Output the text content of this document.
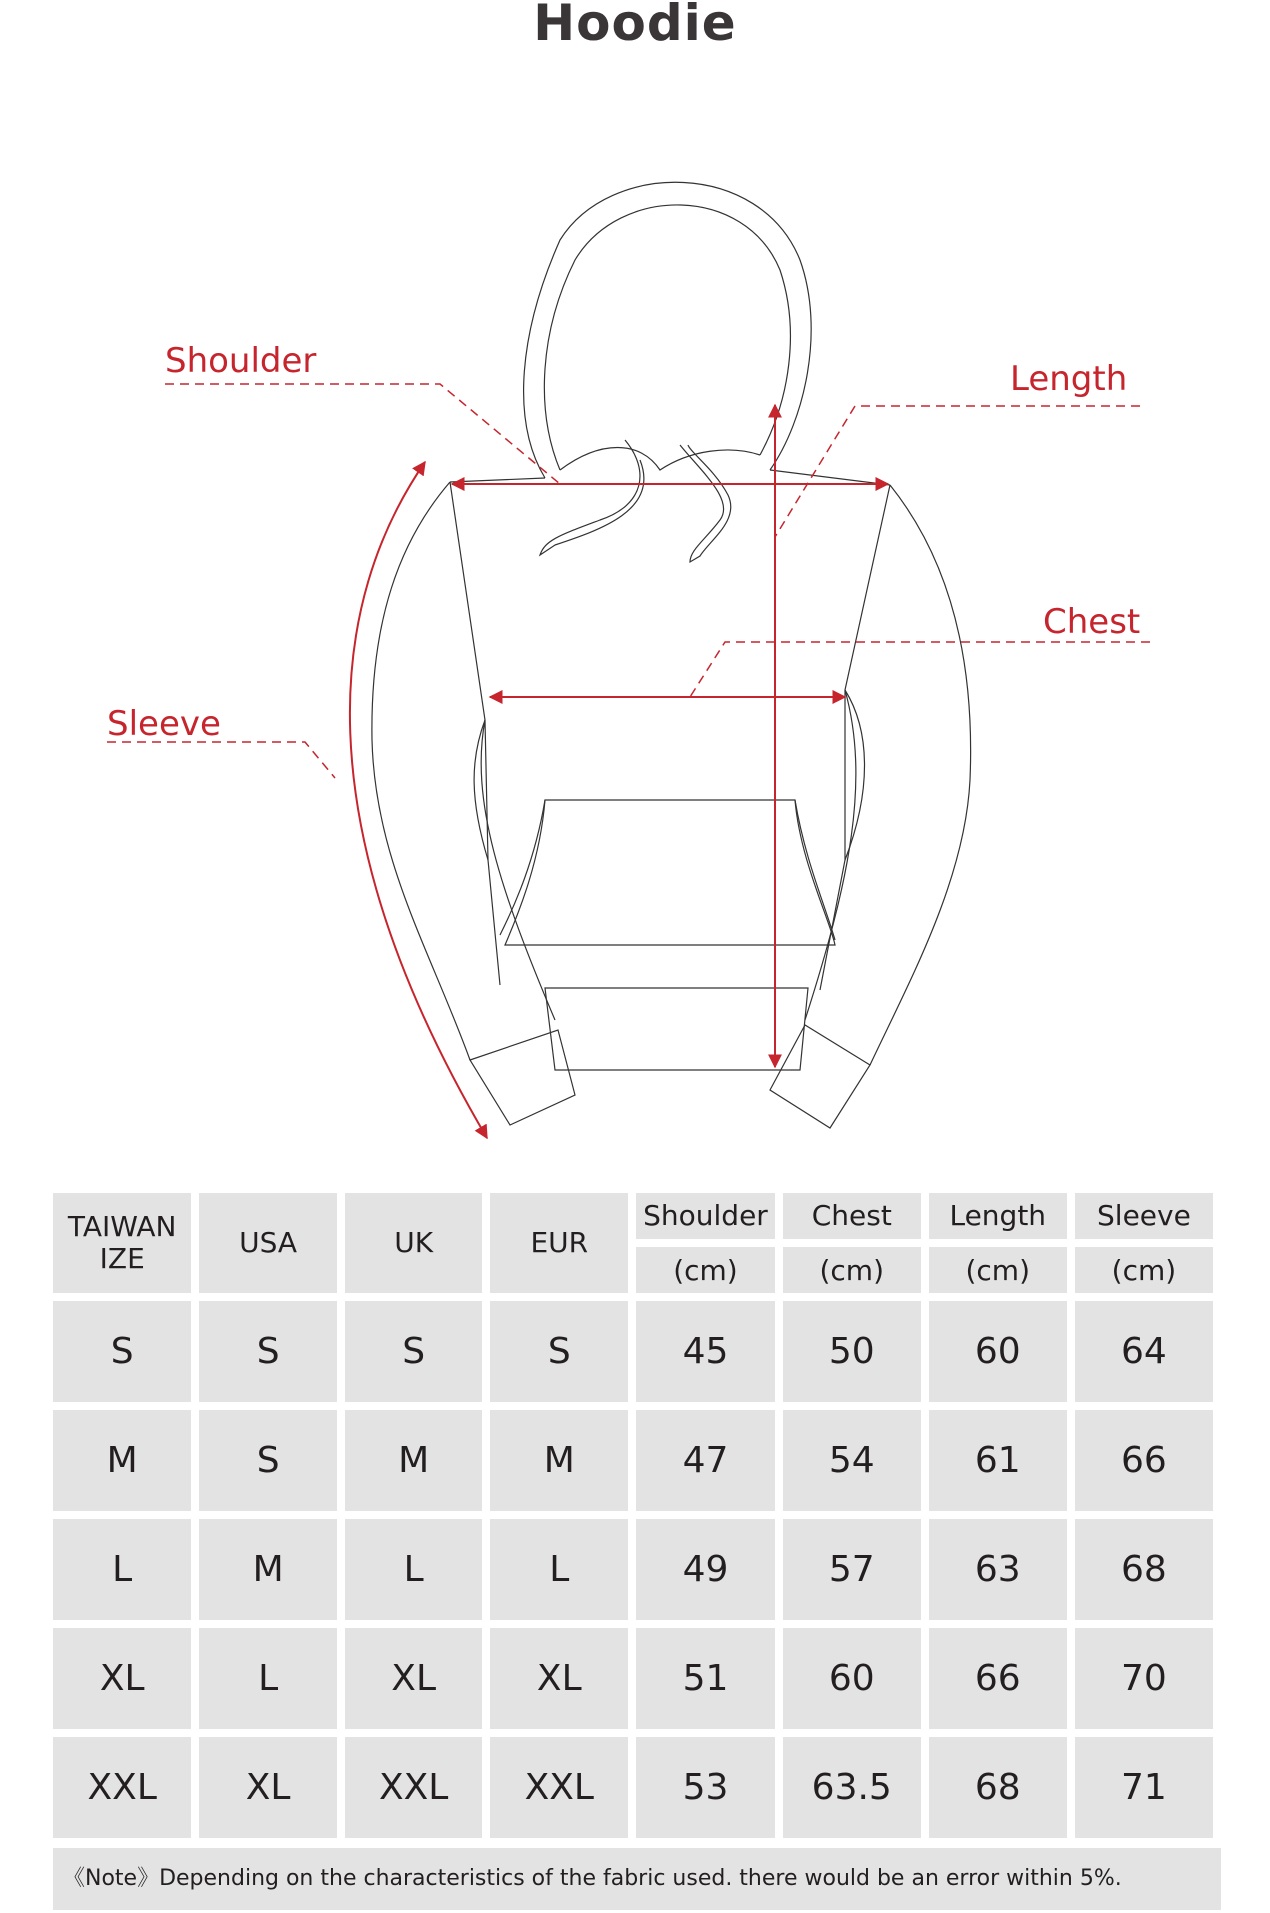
Hoodie
Shoulder	Length
Chest
Sleeve
TAIWAN
IZE	USA	UK	EUR	Shoulder	Chest	Length	Sleeve
				(cm)	(cm)	(cm)	(cm)
S	S	S	S	45	50	60	64
M	S	M	M	47	54	61	66
L	M	L	L	49	57	63	68
XL	L	XL	XL	51	60	66	70
XXL	XL	XXL	XXL	53	63.5	68	71
《Note》Depending on the characteristics of the fabric used. there would be an error within 5%.
